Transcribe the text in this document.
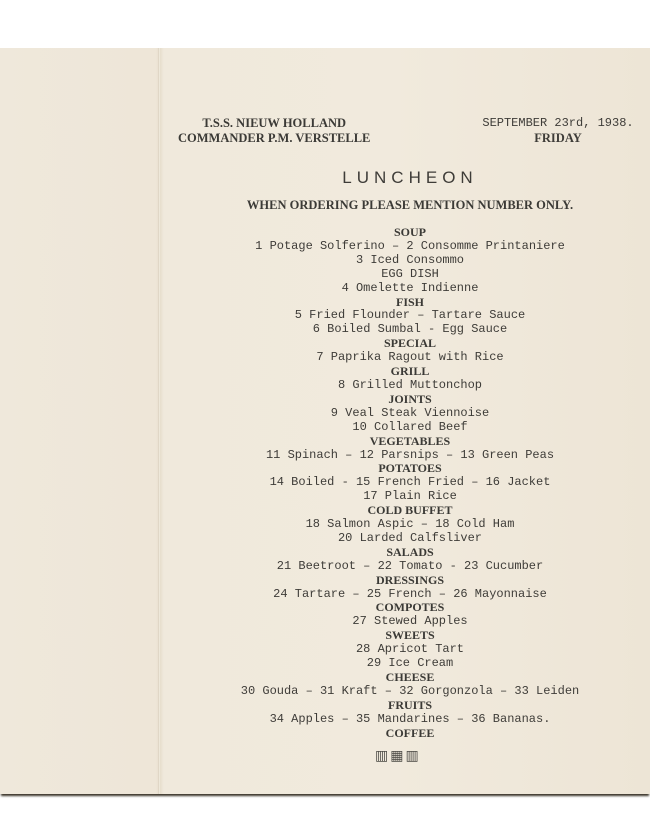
T.S.S. NIEUW HOLLAND
COMMANDER P.M. VERSTELLE
SEPTEMBER 23rd, 1938.
FRIDAY
LUNCHEON
WHEN ORDERING PLEASE MENTION NUMBER ONLY.
SOUP
1 Potage Solferino – 2 Consomme Printaniere
3 Iced Consommo
EGG DISH
4 Omelette Indienne
FISH
5 Fried Flounder – Tartare Sauce
6 Boiled Sumbal - Egg Sauce
SPECIAL
7 Paprika Ragout with Rice
GRILL
8 Grilled Muttonchop
JOINTS
9 Veal Steak Viennoise
10 Collared Beef
VEGETABLES
11 Spinach – 12 Parsnips – 13 Green Peas
POTATOES
14 Boiled - 15 French Fried – 16 Jacket
17 Plain Rice
COLD BUFFET
18 Salmon Aspic – 18 Cold Ham
20 Larded Calfsliver
SALADS
21 Beetroot – 22 Tomato - 23 Cucumber
DRESSINGS
24 Tartare – 25 French – 26 Mayonnaise
COMPOTES
27 Stewed Apples
SWEETS
28 Apricot Tart
29 Ice Cream
CHEESE
30 Gouda – 31 Kraft – 32 Gorgonzola – 33 Leiden
FRUITS
34 Apples – 35 Mandarines – 36 Bananas.
COFFEE
▥▦▥
